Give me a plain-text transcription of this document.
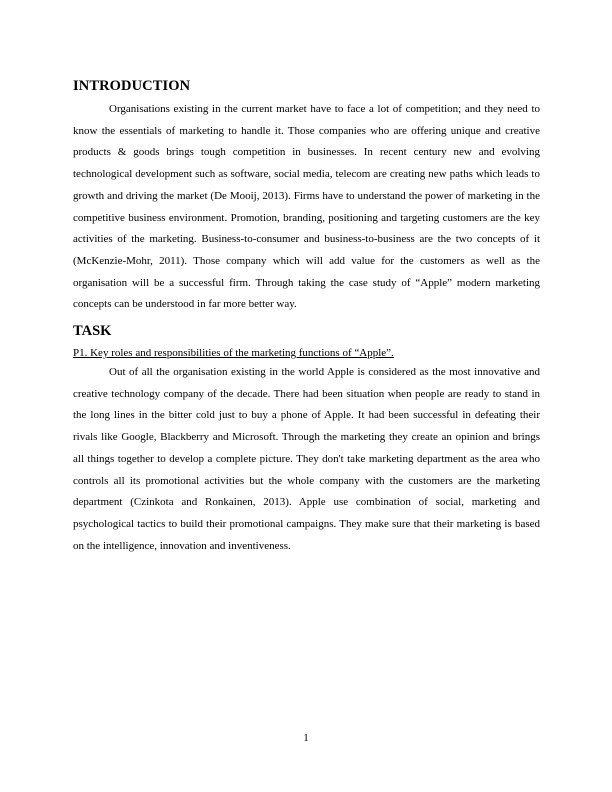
INTRODUCTION

Organisations existing in the current market have to face a lot of competition; and they need to know the essentials of marketing to handle it. Those companies who are offering unique and creative products & goods brings tough competition in businesses. In recent century new and evolving technological development such as software, social media, telecom are creating new paths which leads to growth and driving the market (De Mooij, 2013). Firms have to understand the power of marketing in the competitive business environment. Promotion, branding, positioning and targeting customers are the key activities of the marketing. Business-to-consumer and business-to-business are the two concepts of it (McKenzie-Mohr, 2011). Those company which will add value for the customers as well as the organisation will be a successful firm. Through taking the case study of “Apple” modern marketing concepts can be understood in far more better way.

TASK

P1. Key roles and responsibilities of the marketing functions of “Apple”.

Out of all the organisation existing in the world Apple is considered as the most innovative and creative technology company of the decade. There had been situation when people are ready to stand in the long lines in the bitter cold just to buy a phone of Apple. It had been successful in defeating their rivals like Google, Blackberry and Microsoft. Through the marketing they create an opinion and brings all things together to develop a complete picture. They don't take marketing department as the area who controls all its promotional activities but the whole company with the customers are the marketing department (Czinkota and Ronkainen, 2013). Apple use combination of social, marketing and psychological tactics to build their promotional campaigns. They make sure that their marketing is based on the intelligence, innovation and inventiveness.

1
